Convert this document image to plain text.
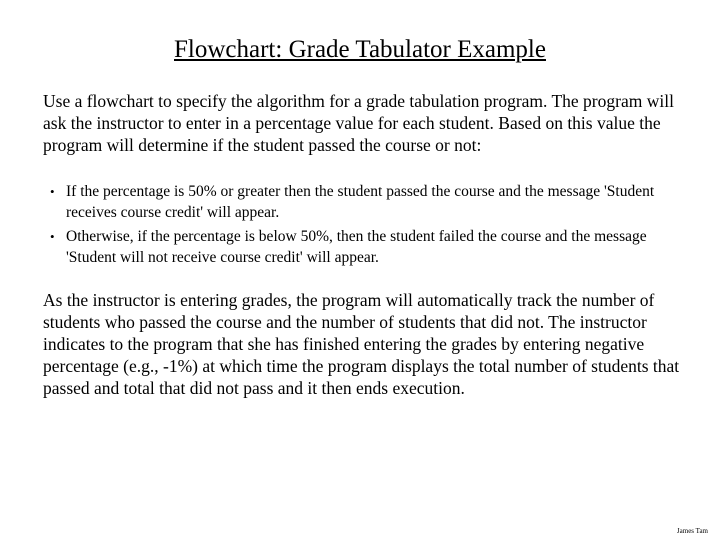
Flowchart: Grade Tabulator Example

Use a flowchart to specify the algorithm for a grade tabulation program. The program will ask the instructor to enter in a percentage value for each student. Based on this value the program will determine if the student passed the course or not:

• If the percentage is 50% or greater then the student passed the course and the message 'Student receives course credit' will appear.
• Otherwise, if the percentage is below 50%, then the student failed the course and the message 'Student will not receive course credit' will appear.

As the instructor is entering grades, the program will automatically track the number of students who passed the course and the number of students that did not. The instructor indicates to the program that she has finished entering the grades by entering negative percentage (e.g., -1%) at which time the program displays the total number of students that passed and total that did not pass and it then ends execution.

James Tam
